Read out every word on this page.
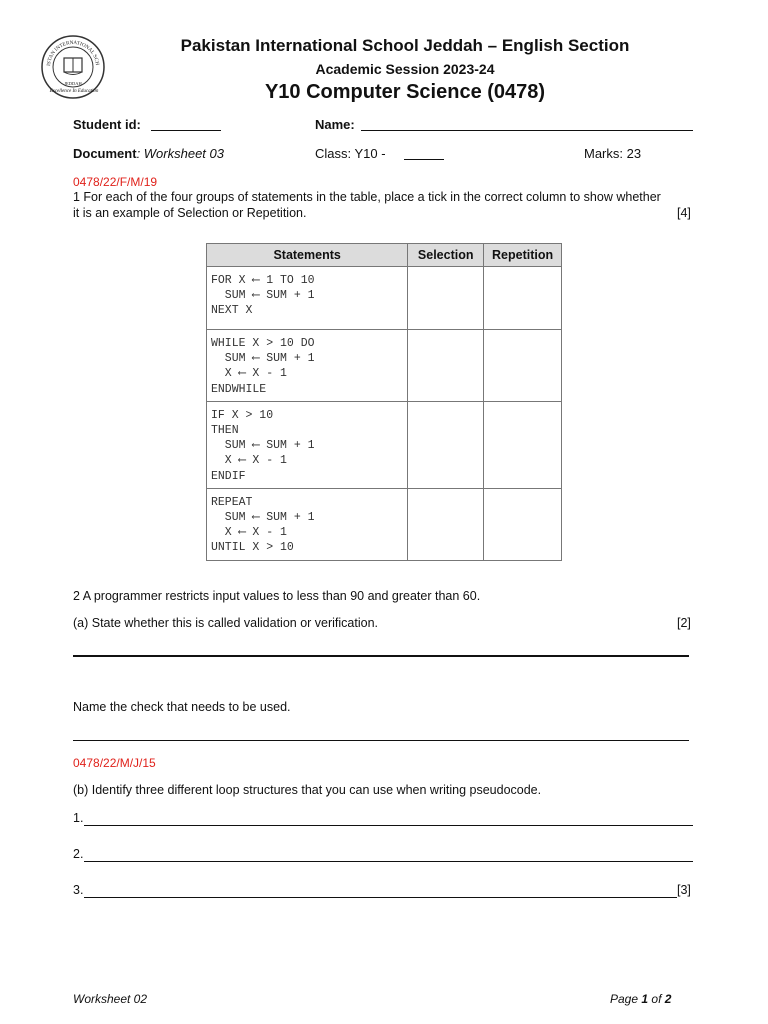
ISTAN INTERNATIONAL SCH
JEDDAH
Excellence In Education
Pakistan International School Jeddah – English Section
Academic Session 2023-24
Y10 Computer Science (0478)
Student id:	Name:
Document: Worksheet 03	Class: Y10 -	Marks: 23
0478/22/F/M/19
1 For each of the four groups of statements in the table, place a tick in the correct column to show whether
it is an example of Selection or Repetition.	[4]
Statements	Selection	Repetition

FOR X ⟵ 1 TO 10
SUM ⟵ SUM + 1
NEXT X		

WHILE X > 10 DO
SUM ⟵ SUM + 1
X ⟵ X - 1
ENDWHILE		

IF X > 10
THEN
SUM ⟵ SUM + 1
X ⟵ X - 1
ENDIF		

REPEAT
SUM ⟵ SUM + 1
X ⟵ X - 1
UNTIL X > 10		

2 A programmer restricts input values to less than 90 and greater than 60.
(a) State whether this is called validation or verification.	[2]
Name the check that needs to be used.
0478/22/M/J/15
(b) Identify three different loop structures that you can use when writing pseudocode.
1.
2.
3.	[3]
Worksheet 02	Page 1 of 2
